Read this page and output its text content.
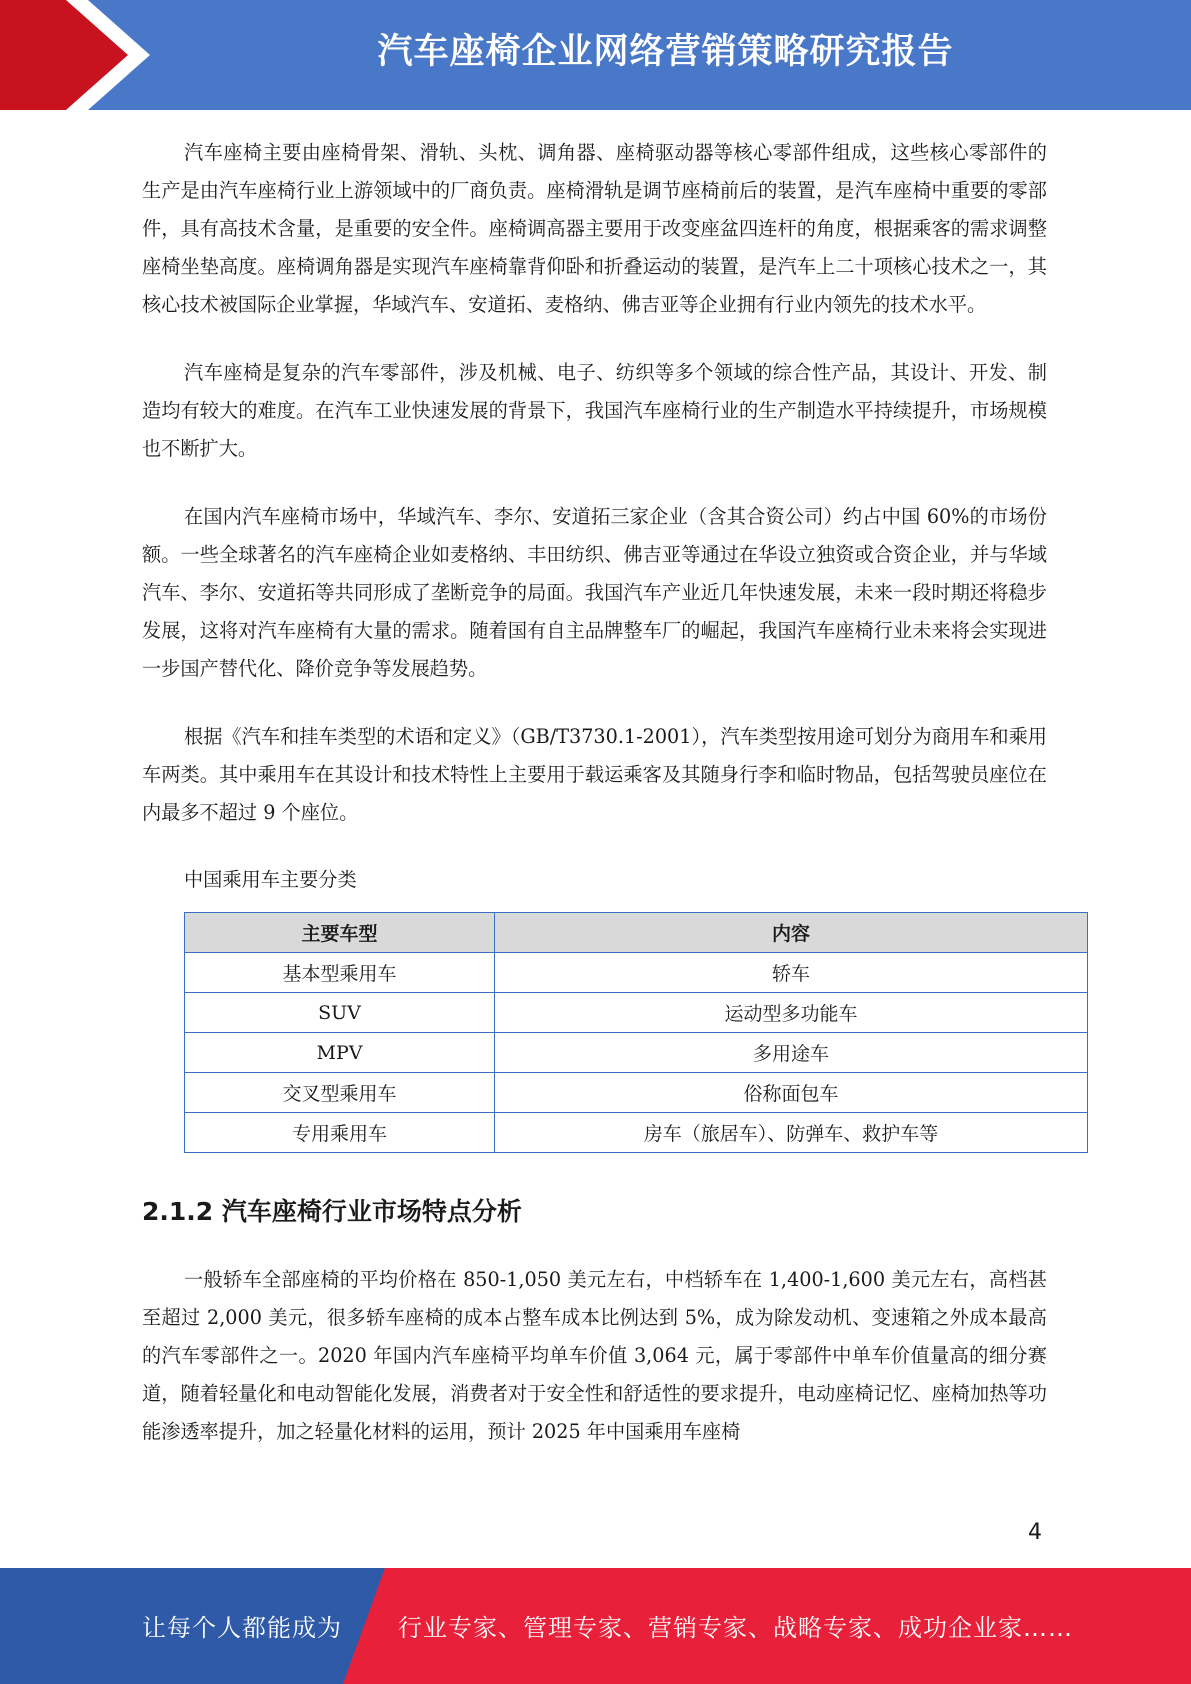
汽车座椅企业网络营销策略研究报告

汽车座椅主要由座椅骨架、滑轨、头枕、调角器、座椅驱动器等核心零部件组成，这些核心零部件的生产是由汽车座椅行业上游领域中的厂商负责。座椅滑轨是调节座椅前后的装置，是汽车座椅中重要的零部件，具有高技术含量，是重要的安全件。座椅调高器主要用于改变座盆四连杆的角度，根据乘客的需求调整座椅坐垫高度。座椅调角器是实现汽车座椅靠背仰卧和折叠运动的装置，是汽车上二十项核心技术之一，其核心技术被国际企业掌握，华域汽车、安道拓、麦格纳、佛吉亚等企业拥有行业内领先的技术水平。

汽车座椅是复杂的汽车零部件，涉及机械、电子、纺织等多个领域的综合性产品，其设计、开发、制造均有较大的难度。在汽车工业快速发展的背景下，我国汽车座椅行业的生产制造水平持续提升，市场规模也不断扩大。

在国内汽车座椅市场中，华域汽车、李尔、安道拓三家企业（含其合资公司）约占中国 60%的市场份额。一些全球著名的汽车座椅企业如麦格纳、丰田纺织、佛吉亚等通过在华设立独资或合资企业，并与华域汽车、李尔、安道拓等共同形成了垄断竞争的局面。我国汽车产业近几年快速发展，未来一段时期还将稳步发展，这将对汽车座椅有大量的需求。随着国有自主品牌整车厂的崛起，我国汽车座椅行业未来将会实现进一步国产替代化、降价竞争等发展趋势。

根据《汽车和挂车类型的术语和定义》（GB/T3730.1-2001），汽车类型按用途可划分为商用车和乘用车两类。其中乘用车在其设计和技术特性上主要用于载运乘客及其随身行李和临时物品，包括驾驶员座位在内最多不超过 9 个座位。

中国乘用车主要分类

主要车型	内容
基本型乘用车	轿车
SUV	运动型多功能车
MPV	多用途车
交叉型乘用车	俗称面包车
专用乘用车	房车（旅居车）、防弹车、救护车等
2.1.2 汽车座椅行业市场特点分析

一般轿车全部座椅的平均价格在 850-1,050 美元左右，中档轿车在 1,400-1,600 美元左右，高档甚至超过 2,000 美元，很多轿车座椅的成本占整车成本比例达到 5%，成为除发动机、变速箱之外成本最高的汽车零部件之一。2020 年国内汽车座椅平均单车价值 3,064 元，属于零部件中单车价值量高的细分赛道，随着轻量化和电动智能化发展，消费者对于安全性和舒适性的要求提升，电动座椅记忆、座椅加热等功能渗透率提升，加之轻量化材料的运用，预计 2025 年中国乘用车座椅

4
让每个人都能成为 行业专家、管理专家、营销专家、战略专家、成功企业家……
